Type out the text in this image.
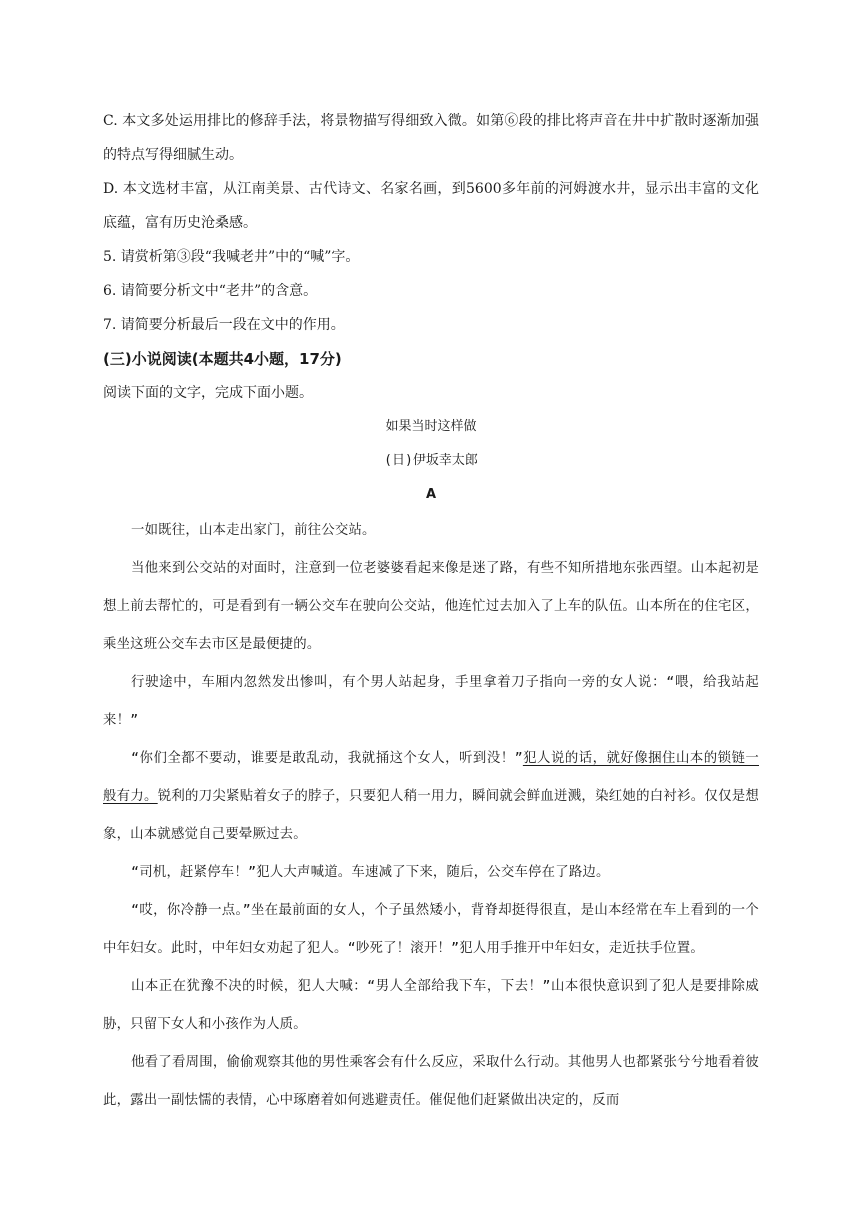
C. 本文多处运用排比的修辞手法，将景物描写得细致入微。如第⑥段的排比将声音在井中扩散时逐渐加强的特点写得细腻生动。

D. 本文选材丰富，从江南美景、古代诗文、名家名画，到5600多年前的河姆渡水井，显示出丰富的文化底蕴，富有历史沧桑感。

5. 请赏析第③段“我喊老井”中的“喊”字。

6. 请简要分析文中“老井”的含意。

7. 请简要分析最后一段在文中的作用。

(三)小说阅读(本题共4小题，17分)

阅读下面的文字，完成下面小题。

如果当时这样做

(日)伊坂幸太郎

A

一如既往，山本走出家门，前往公交站。

当他来到公交站的对面时，注意到一位老婆婆看起来像是迷了路，有些不知所措地东张西望。山本起初是想上前去帮忙的，可是看到有一辆公交车在驶向公交站，他连忙过去加入了上车的队伍。山本所在的住宅区，乘坐这班公交车去市区是最便捷的。

行驶途中，车厢内忽然发出惨叫，有个男人站起身，手里拿着刀子指向一旁的女人说：“喂，给我站起来！”

“你们全都不要动，谁要是敢乱动，我就捅这个女人，听到没！”犯人说的话，就好像捆住山本的锁链一般有力。锐利的刀尖紧贴着女子的脖子，只要犯人稍一用力，瞬间就会鲜血迸溅，染红她的白衬衫。仅仅是想象，山本就感觉自己要晕厥过去。

“司机，赶紧停车！”犯人大声喊道。车速减了下来，随后，公交车停在了路边。

“哎，你冷静一点。”坐在最前面的女人，个子虽然矮小，背脊却挺得很直，是山本经常在车上看到的一个中年妇女。此时，中年妇女劝起了犯人。“吵死了！滚开！”犯人用手推开中年妇女，走近扶手位置。

山本正在犹豫不决的时候，犯人大喊：“男人全部给我下车，下去！”山本很快意识到了犯人是要排除威胁，只留下女人和小孩作为人质。

他看了看周围，偷偷观察其他的男性乘客会有什么反应，采取什么行动。其他男人也都紧张兮兮地看着彼此，露出一副怯懦的表情，心中琢磨着如何逃避责任。催促他们赶紧做出决定的，反而
